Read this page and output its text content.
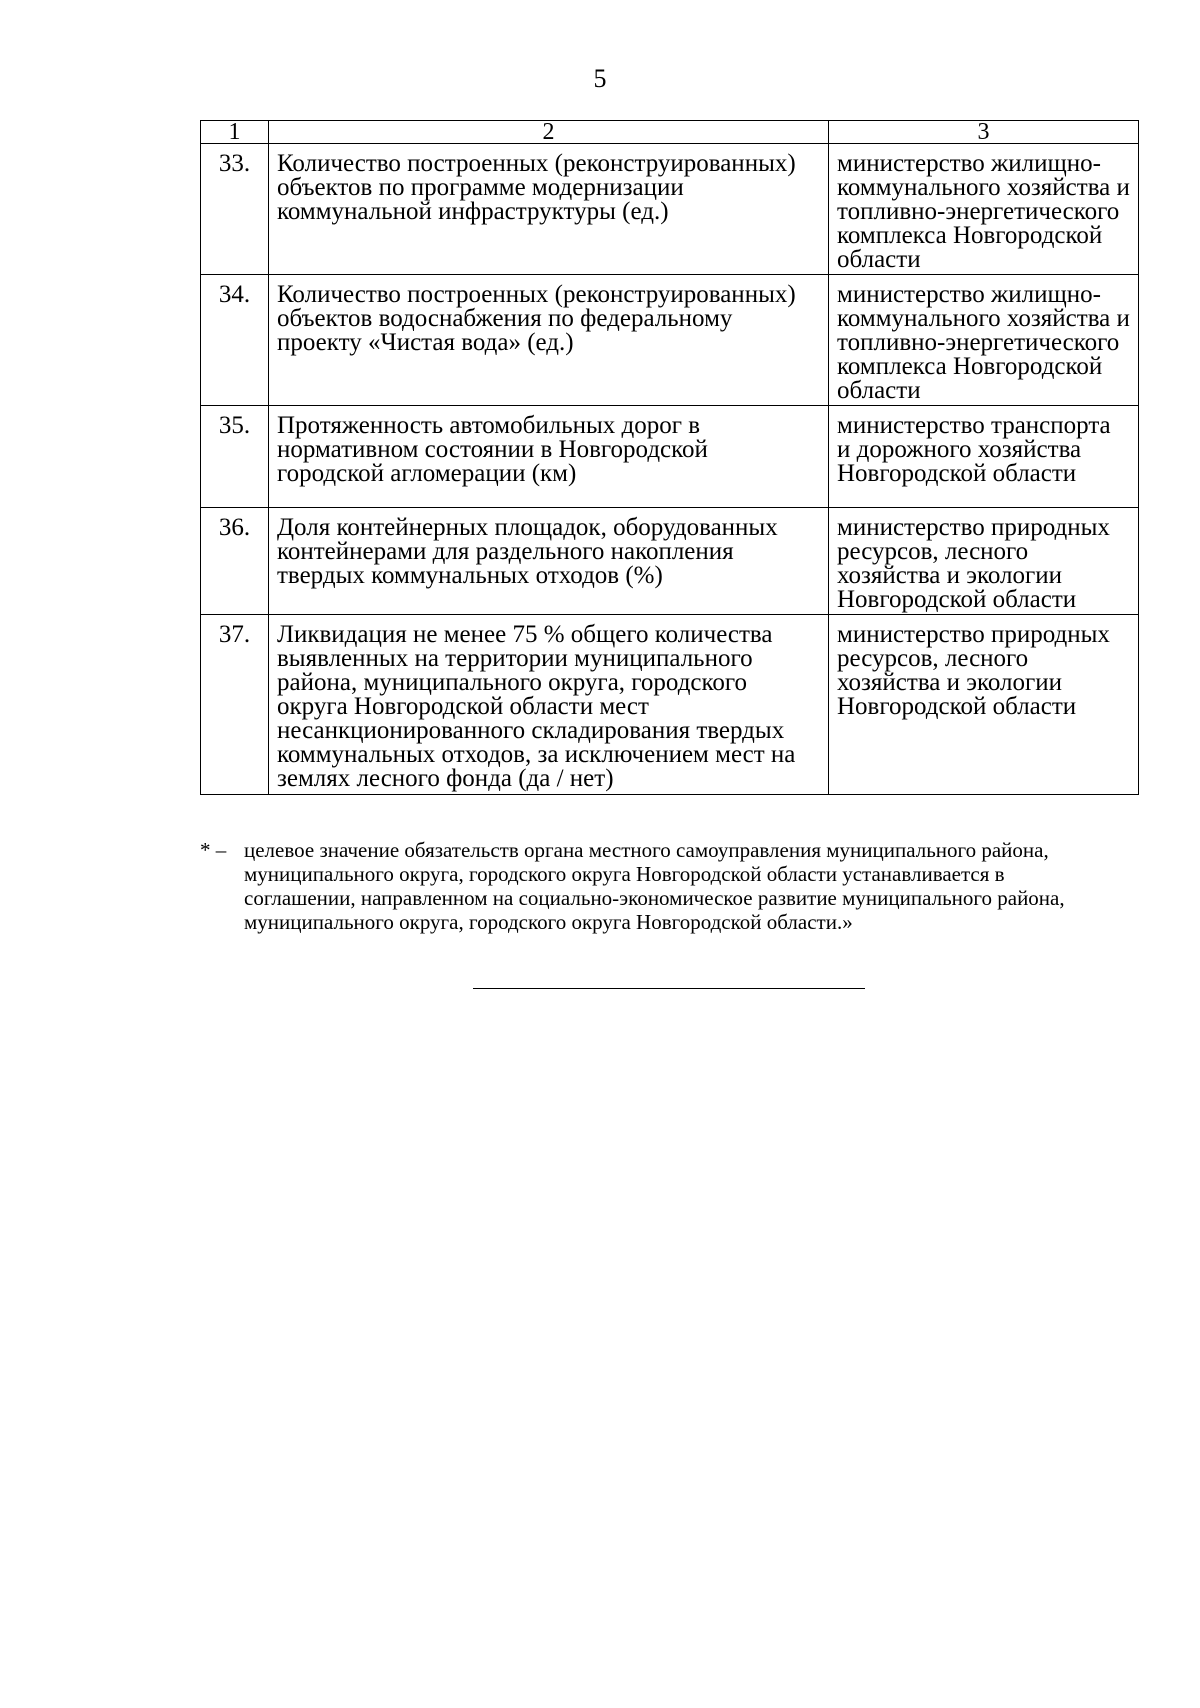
5
1	2	3
33.	Количество построенных (реконструированных) объектов по программе модернизации коммунальной инфраструктуры (ед.)	министерство жилищно-коммунального хозяйства и топливно-энергетического комплекса Новгородской области
34.	Количество построенных (реконструированных) объектов водоснабжения по федеральному проекту «Чистая вода» (ед.)	министерство жилищно-коммунального хозяйства и топливно-энергетического комплекса Новгородской области
35.	Протяженность автомобильных дорог в нормативном состоянии в Новгородской городской агломерации (км)	министерство транспорта и дорожного хозяйства Новгородской области
36.	Доля контейнерных площадок, оборудованных контейнерами для раздельного накопления твердых коммунальных отходов (%)	министерство природных ресурсов, лесного хозяйства и экологии Новгородской области
37.	Ликвидация не менее 75 % общего количества выявленных на территории муниципального района, муниципального округа, городского округа Новгородской области мест несанкционированного складирования твердых коммунальных отходов, за исключением мест на землях лесного фонда (да / нет)	министерство природных ресурсов, лесного хозяйства и экологии Новгородской области
* – целевое значение обязательств органа местного самоуправления муниципального района, муниципального округа, городского округа Новгородской области устанавливается в соглашении, направленном на социально-экономическое развитие муниципального района, муниципального округа, городского округа Новгородской области.»
